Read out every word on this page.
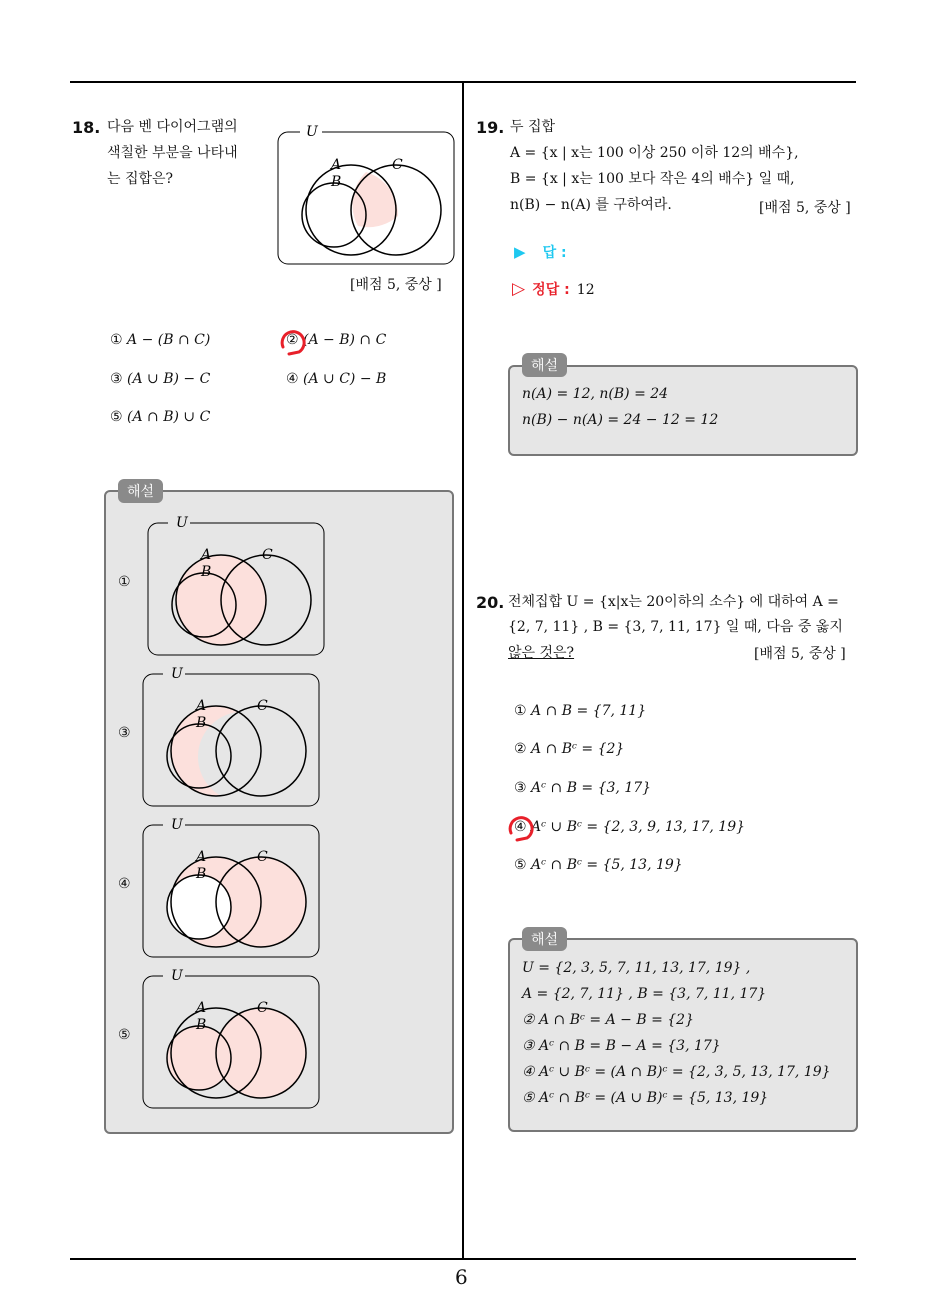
6
18. 다음 벤 다이어그램의
색칠한 부분을 나타내
는 집합은?
U
A
B
C
[배점 5, 중상 ]
① A − (B ∩ C)	② (A − B) ∩ C
③ (A ∪ B) − C	④ (A ∪ C) − B
⑤ (A ∩ B) ∪ C
해설
①
U
A
B
C
③
U
A
B
C
④
U
A
B
C
⑤
U
A
B
C
19. 두 집합
A = {x | x는 100 이상 250 이하 12의 배수},
B = {x | x는 100 보다 작은 4의 배수} 일 때,
n(B) − n(A) 를 구하여라.	[배점 5, 중상 ]
▶ 답 :
▷ 정답 : 12
해설
n(A) = 12, n(B) = 24
n(B) − n(A) = 24 − 12 = 12
20. 전체집합 U = {x|x는 20이하의 소수} 에 대하여 A =
{2, 7, 11} , B = {3, 7, 11, 17} 일 때, 다음 중 옳지
않은 것은?	[배점 5, 중상 ]
① A ∩ B = {7, 11}
② A ∩ Bᶜ = {2}
③ Aᶜ ∩ B = {3, 17}
④ Aᶜ ∪ Bᶜ = {2, 3, 9, 13, 17, 19}
⑤ Aᶜ ∩ Bᶜ = {5, 13, 19}
해설
U = {2, 3, 5, 7, 11, 13, 17, 19} ,
A = {2, 7, 11} , B = {3, 7, 11, 17}
② A ∩ Bᶜ = A − B = {2}
③ Aᶜ ∩ B = B − A = {3, 17}
④ Aᶜ ∪ Bᶜ = (A ∩ B)ᶜ = {2, 3, 5, 13, 17, 19}
⑤ Aᶜ ∩ Bᶜ = (A ∪ B)ᶜ = {5, 13, 19}
